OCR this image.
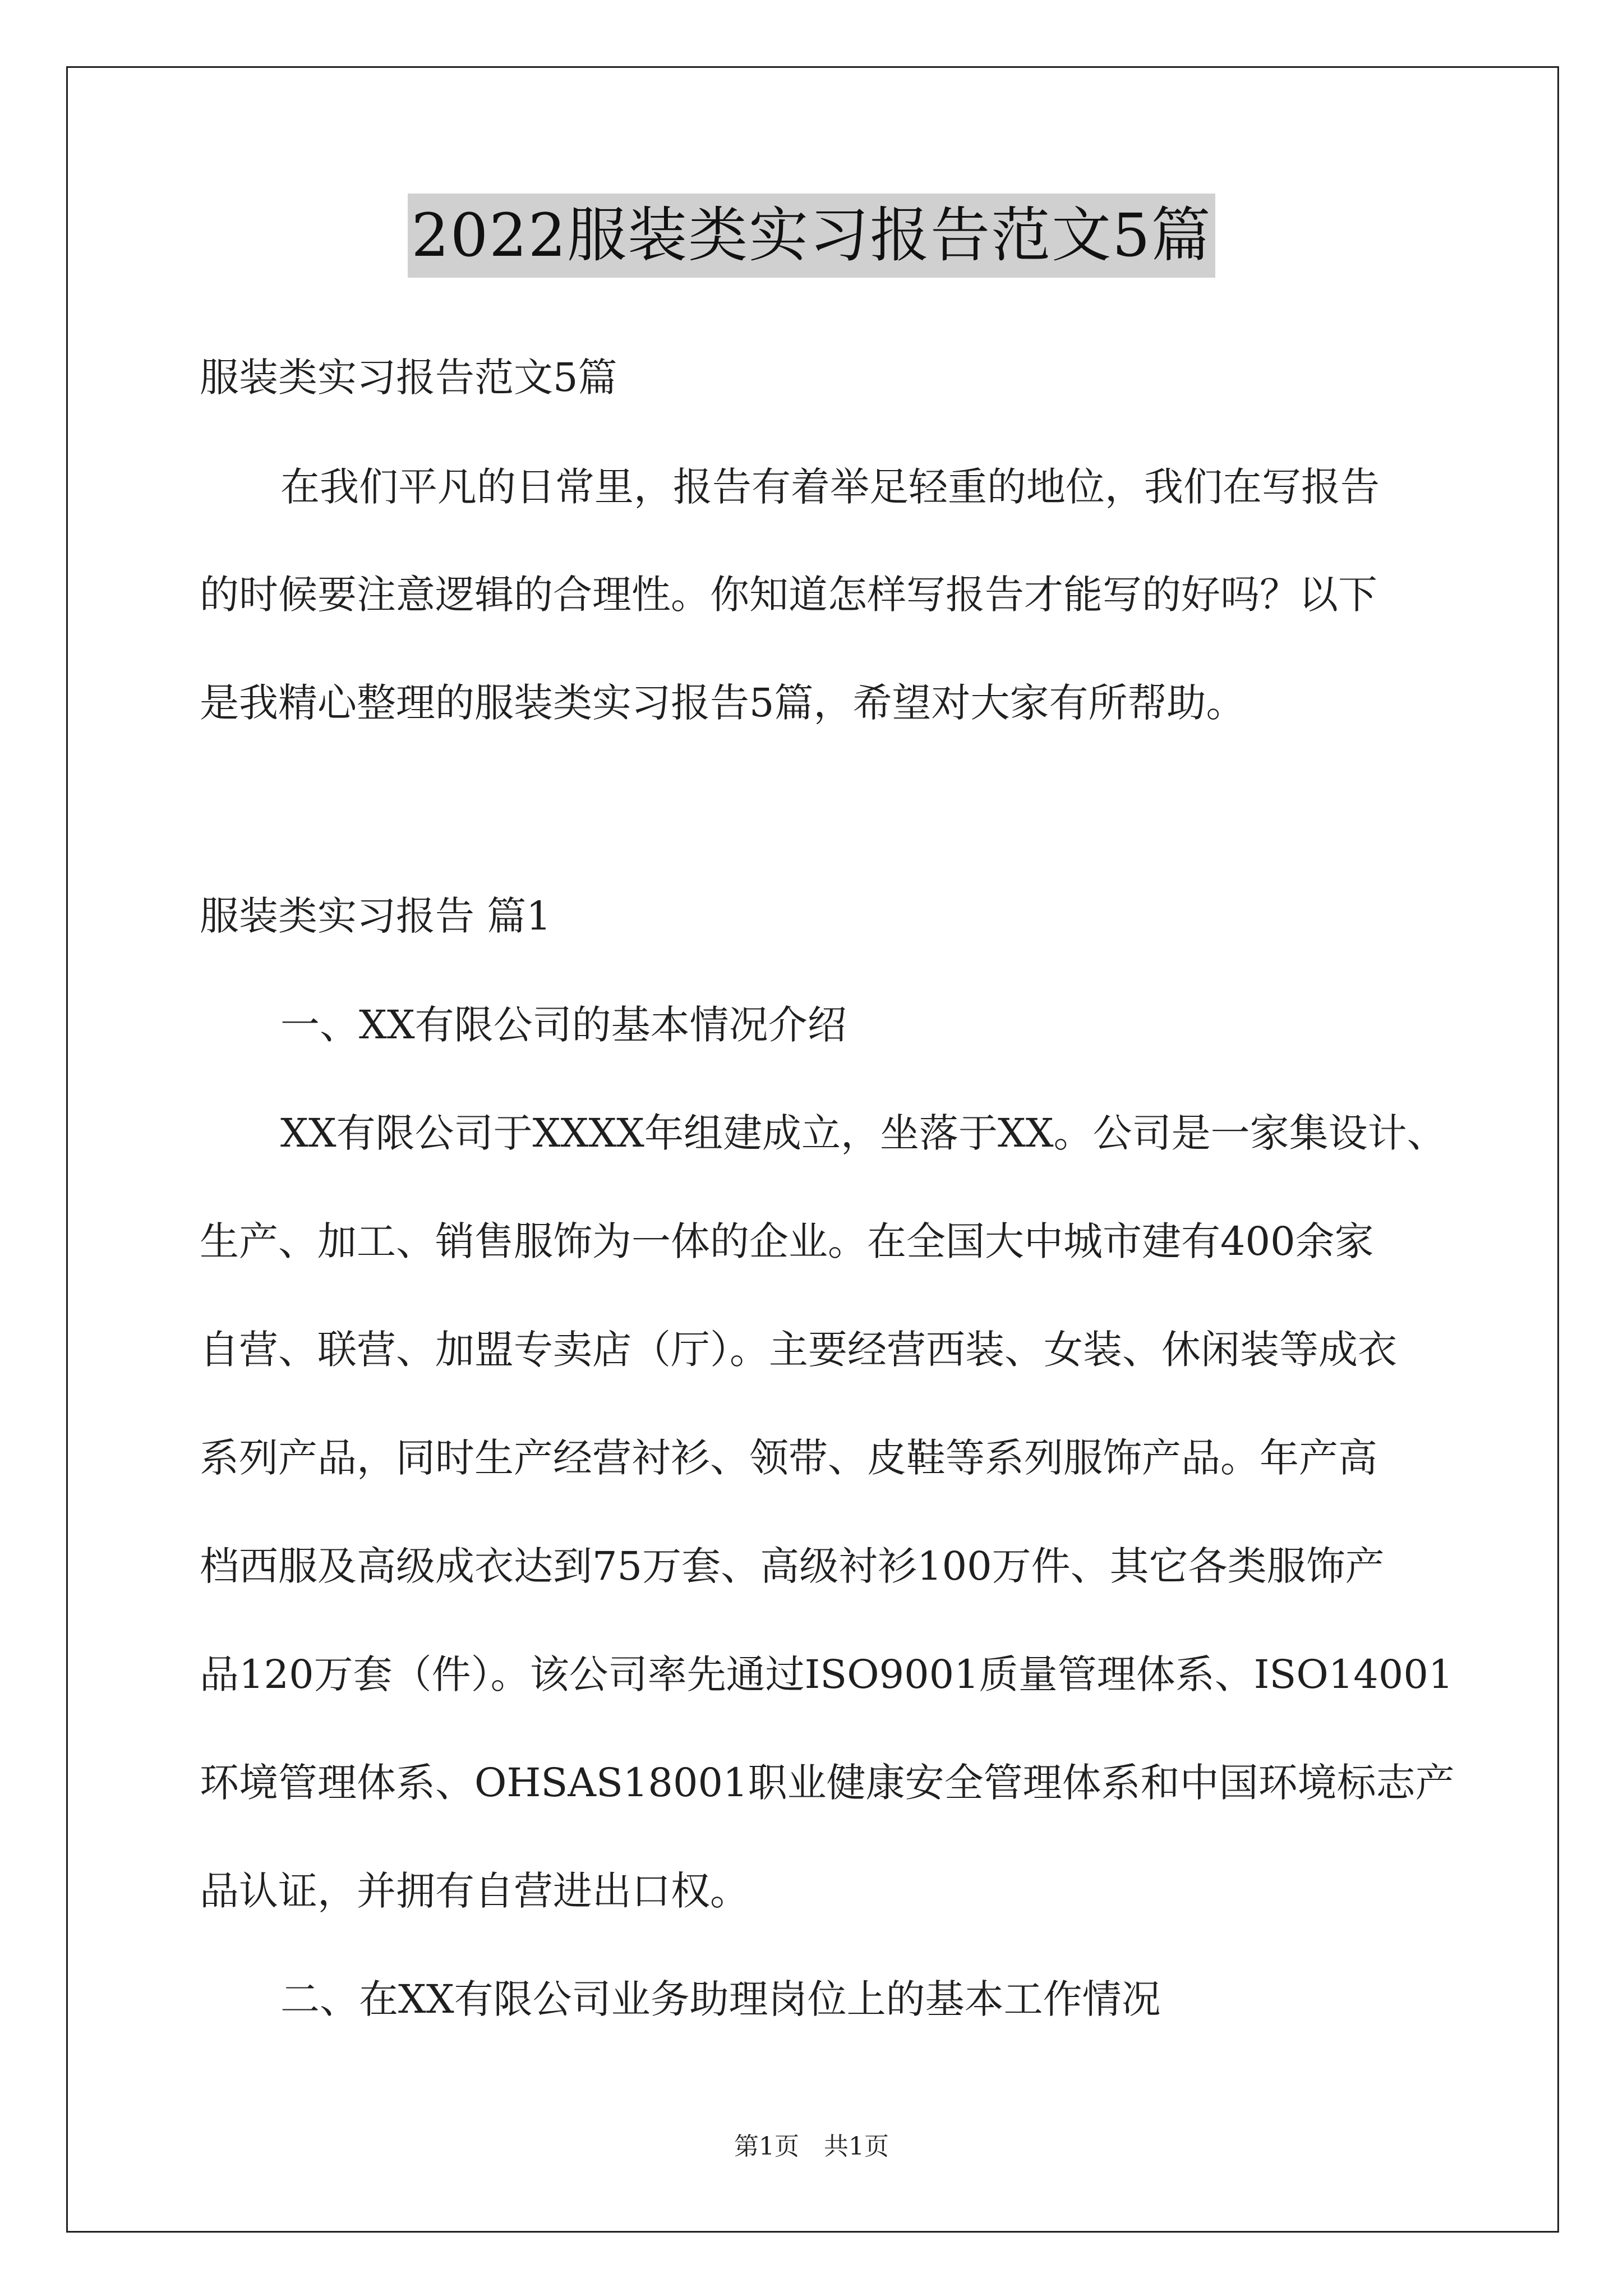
2022服装类实习报告范文5篇
服装类实习报告范文5篇
在我们平凡的日常里，报告有着举足轻重的地位，我们在写报告
的时候要注意逻辑的合理性。你知道怎样写报告才能写的好吗？以下
是我精心整理的服装类实习报告5篇，希望对大家有所帮助。
服装类实习报告 篇1
一、XX有限公司的基本情况介绍
XX有限公司于XXXX年组建成立，坐落于XX。公司是一家集设计、
生产、加工、销售服饰为一体的企业。在全国大中城市建有400余家
自营、联营、加盟专卖店（厅）。主要经营西装、女装、休闲装等成衣
系列产品，同时生产经营衬衫、领带、皮鞋等系列服饰产品。年产高
档西服及高级成衣达到75万套、高级衬衫100万件、其它各类服饰产
品120万套（件）。该公司率先通过ISO9001质量管理体系、ISO14001
环境管理体系、OHSAS18001职业健康安全管理体系和中国环境标志产
品认证，并拥有自营进出口权。
二、在XX有限公司业务助理岗位上的基本工作情况
第1页　共1页
